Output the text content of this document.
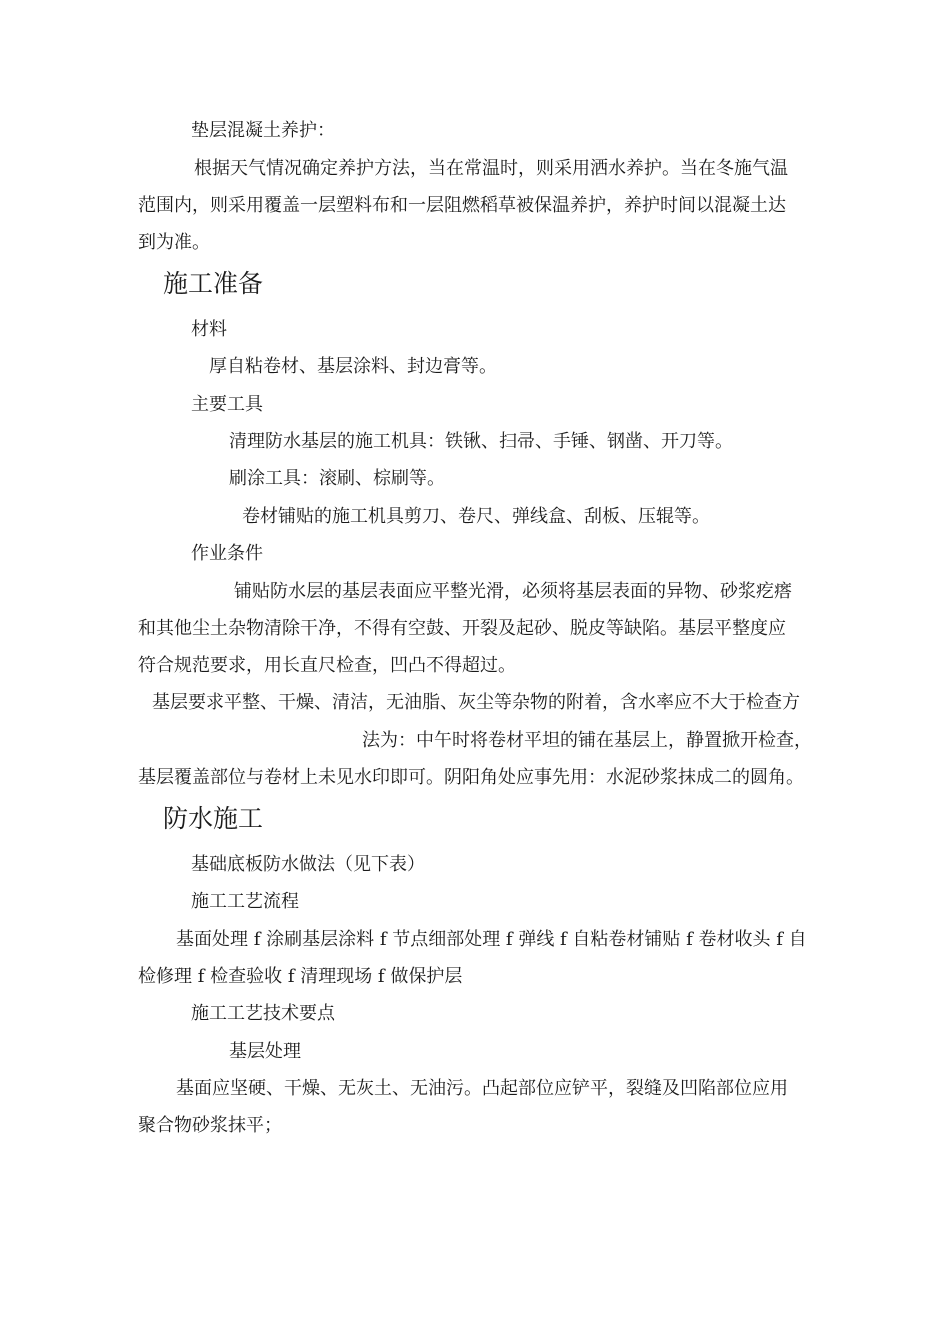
垫层混凝土养护：
根据天气情况确定养护方法，当在常温时，则采用洒水养护。当在冬施气温
范围内，则采用覆盖一层塑料布和一层阻燃稻草被保温养护，养护时间以混凝土达
到为准。
施工准备
材料
厚自粘卷材、基层涂料、封边膏等。
主要工具
清理防水基层的施工机具：铁锹、扫帚、手锤、钢凿、开刀等。
刷涂工具：滚刷、棕刷等。
卷材铺贴的施工机具剪刀、卷尺、弹线盒、刮板、压辊等。
作业条件
铺贴防水层的基层表面应平整光滑，必须将基层表面的异物、砂浆疙瘩
和其他尘土杂物清除干净，不得有空鼓、开裂及起砂、脱皮等缺陷。基层平整度应
符合规范要求，用长直尺检查，凹凸不得超过。
基层要求平整、干燥、清洁，无油脂、灰尘等杂物的附着，含水率应不大于检查方
法为：中午时将卷材平坦的铺在基层上，静置掀开检查，
基层覆盖部位与卷材上未见水印即可。阴阳角处应事先用：水泥砂浆抹成二的圆角。
防水施工
基础底板防水做法（见下表）
施工工艺流程
基面处理 f 涂刷基层涂料 f 节点细部处理 f 弹线 f 自粘卷材铺贴 f 卷材收头 f 自
检修理 f 检查验收 f 清理现场 f 做保护层
施工工艺技术要点
基层处理
基面应坚硬、干燥、无灰土、无油污。凸起部位应铲平，裂缝及凹陷部位应用
聚合物砂浆抹平；
